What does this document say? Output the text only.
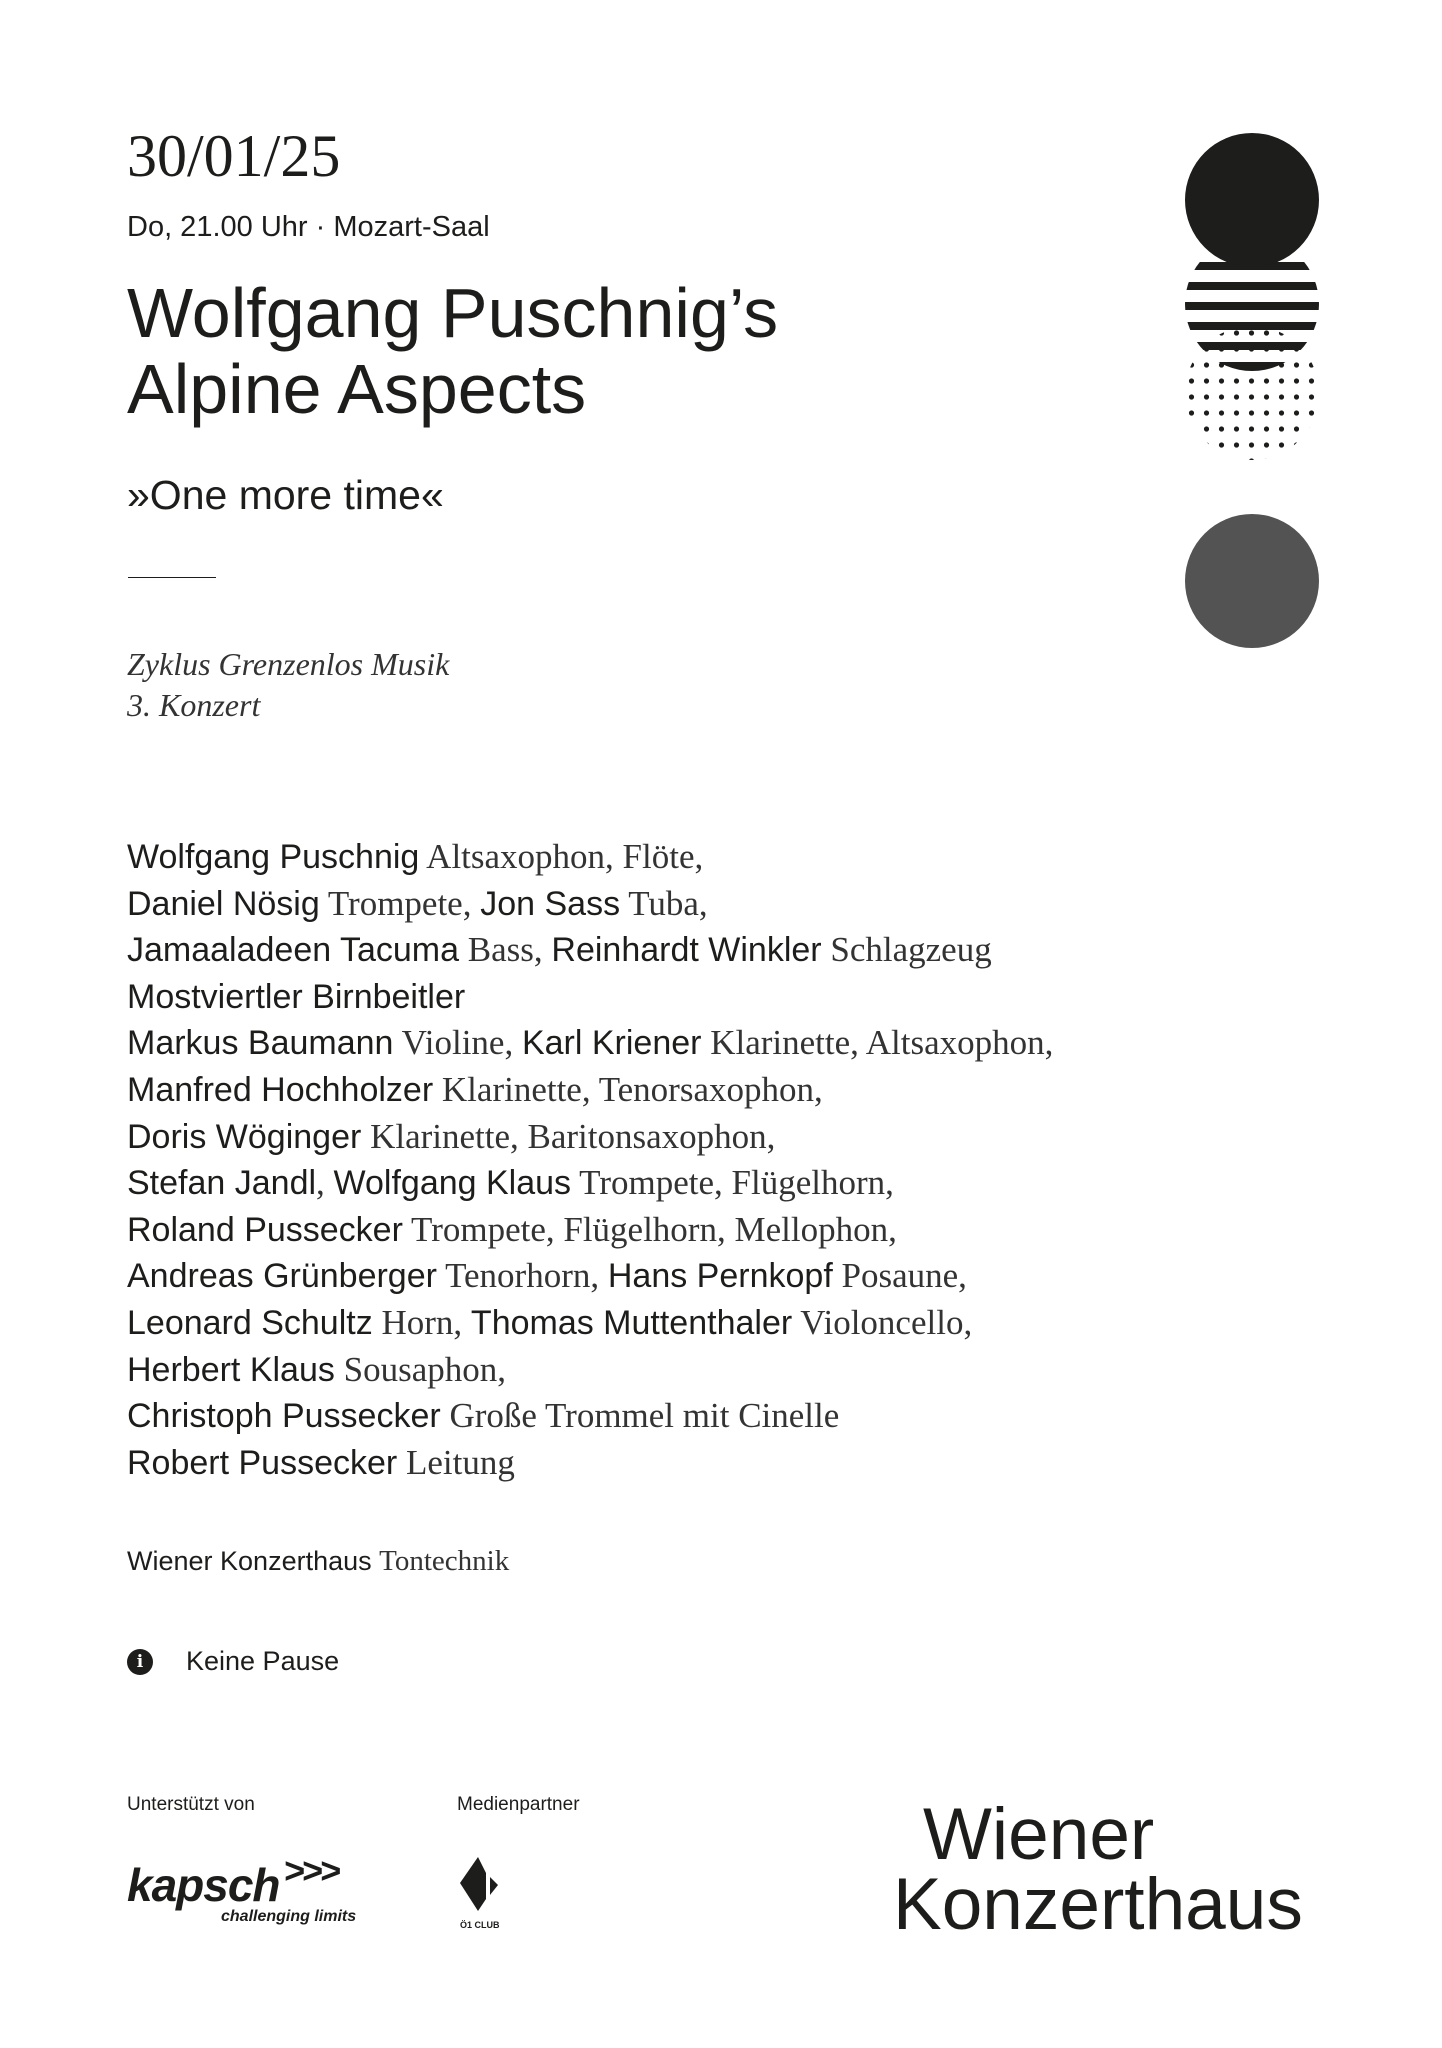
30/01/25
Do, 21.00 Uhr · Mozart-Saal
Wolfgang Puschnig’s
Alpine Aspects
»One more time«
Zyklus Grenzenlos Musik
3. Konzert
Wolfgang Puschnig Altsaxophon, Flöte,
Daniel Nösig Trompete, Jon Sass Tuba,
Jamaaladeen Tacuma Bass, Reinhardt Winkler Schlagzeug
Mostviertler Birnbeitler
Markus Baumann Violine, Karl Kriener Klarinette, Altsaxophon,
Manfred Hochholzer Klarinette, Tenorsaxophon,
Doris Wöginger Klarinette, Baritonsaxophon,
Stefan Jandl, Wolfgang Klaus Trompete, Flügelhorn,
Roland Pussecker Trompete, Flügelhorn, Mellophon,
Andreas Grünberger Tenorhorn, Hans Pernkopf Posaune,
Leonard Schultz Horn, Thomas Muttenthaler Violoncello,
Herbert Klaus Sousaphon,
Christoph Pussecker Große Trommel mit Cinelle
Robert Pussecker Leitung
Wiener Konzerthaus Tontechnik
i	Keine Pause
Unterstützt von	Medienpartner
kapsch >>>
challenging limits	Ö1 CLUB
Wiener
Konzerthaus
